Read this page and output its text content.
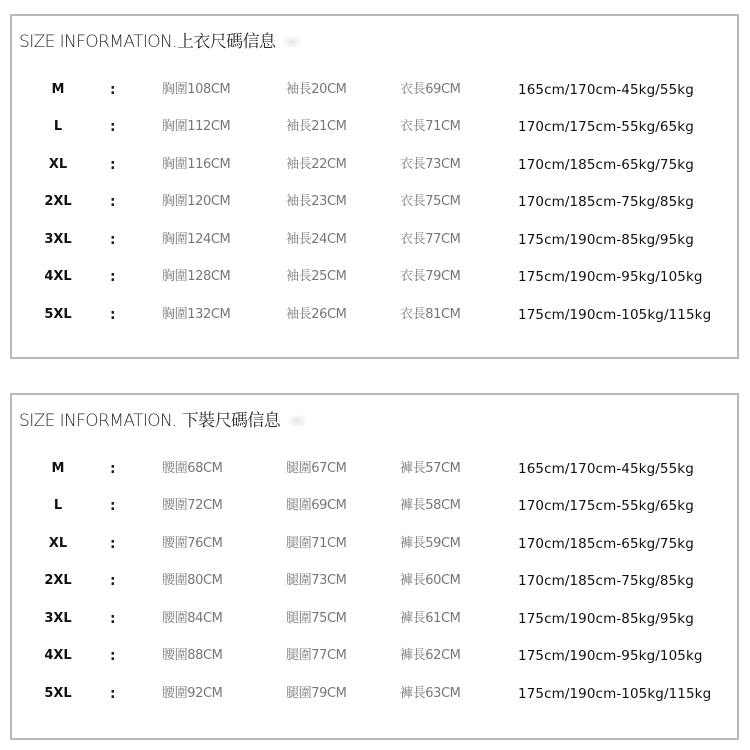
SIZE INFORMATION.上衣尺碼信息
M	:	胸圍108CM	袖長20CM	衣長69CM	165cm/170cm-45kg/55kg
L	:	胸圍112CM	袖長21CM	衣長71CM	170cm/175cm-55kg/65kg
XL	:	胸圍116CM	袖長22CM	衣長73CM	170cm/185cm-65kg/75kg
2XL	:	胸圍120CM	袖長23CM	衣長75CM	170cm/185cm-75kg/85kg
3XL	:	胸圍124CM	袖長24CM	衣長77CM	175cm/190cm-85kg/95kg
4XL	:	胸圍128CM	袖長25CM	衣長79CM	175cm/190cm-95kg/105kg
5XL	:	胸圍132CM	袖長26CM	衣長81CM	175cm/190cm-105kg/115kg
SIZE INFORMATION. 下裝尺碼信息
M	:	腰圍68CM	腿圍67CM	褲長57CM	165cm/170cm-45kg/55kg
L	:	腰圍72CM	腿圍69CM	褲長58CM	170cm/175cm-55kg/65kg
XL	:	腰圍76CM	腿圍71CM	褲長59CM	170cm/185cm-65kg/75kg
2XL	:	腰圍80CM	腿圍73CM	褲長60CM	170cm/185cm-75kg/85kg
3XL	:	腰圍84CM	腿圍75CM	褲長61CM	175cm/190cm-85kg/95kg
4XL	:	腰圍88CM	腿圍77CM	褲長62CM	175cm/190cm-95kg/105kg
5XL	:	腰圍92CM	腿圍79CM	褲長63CM	175cm/190cm-105kg/115kg
